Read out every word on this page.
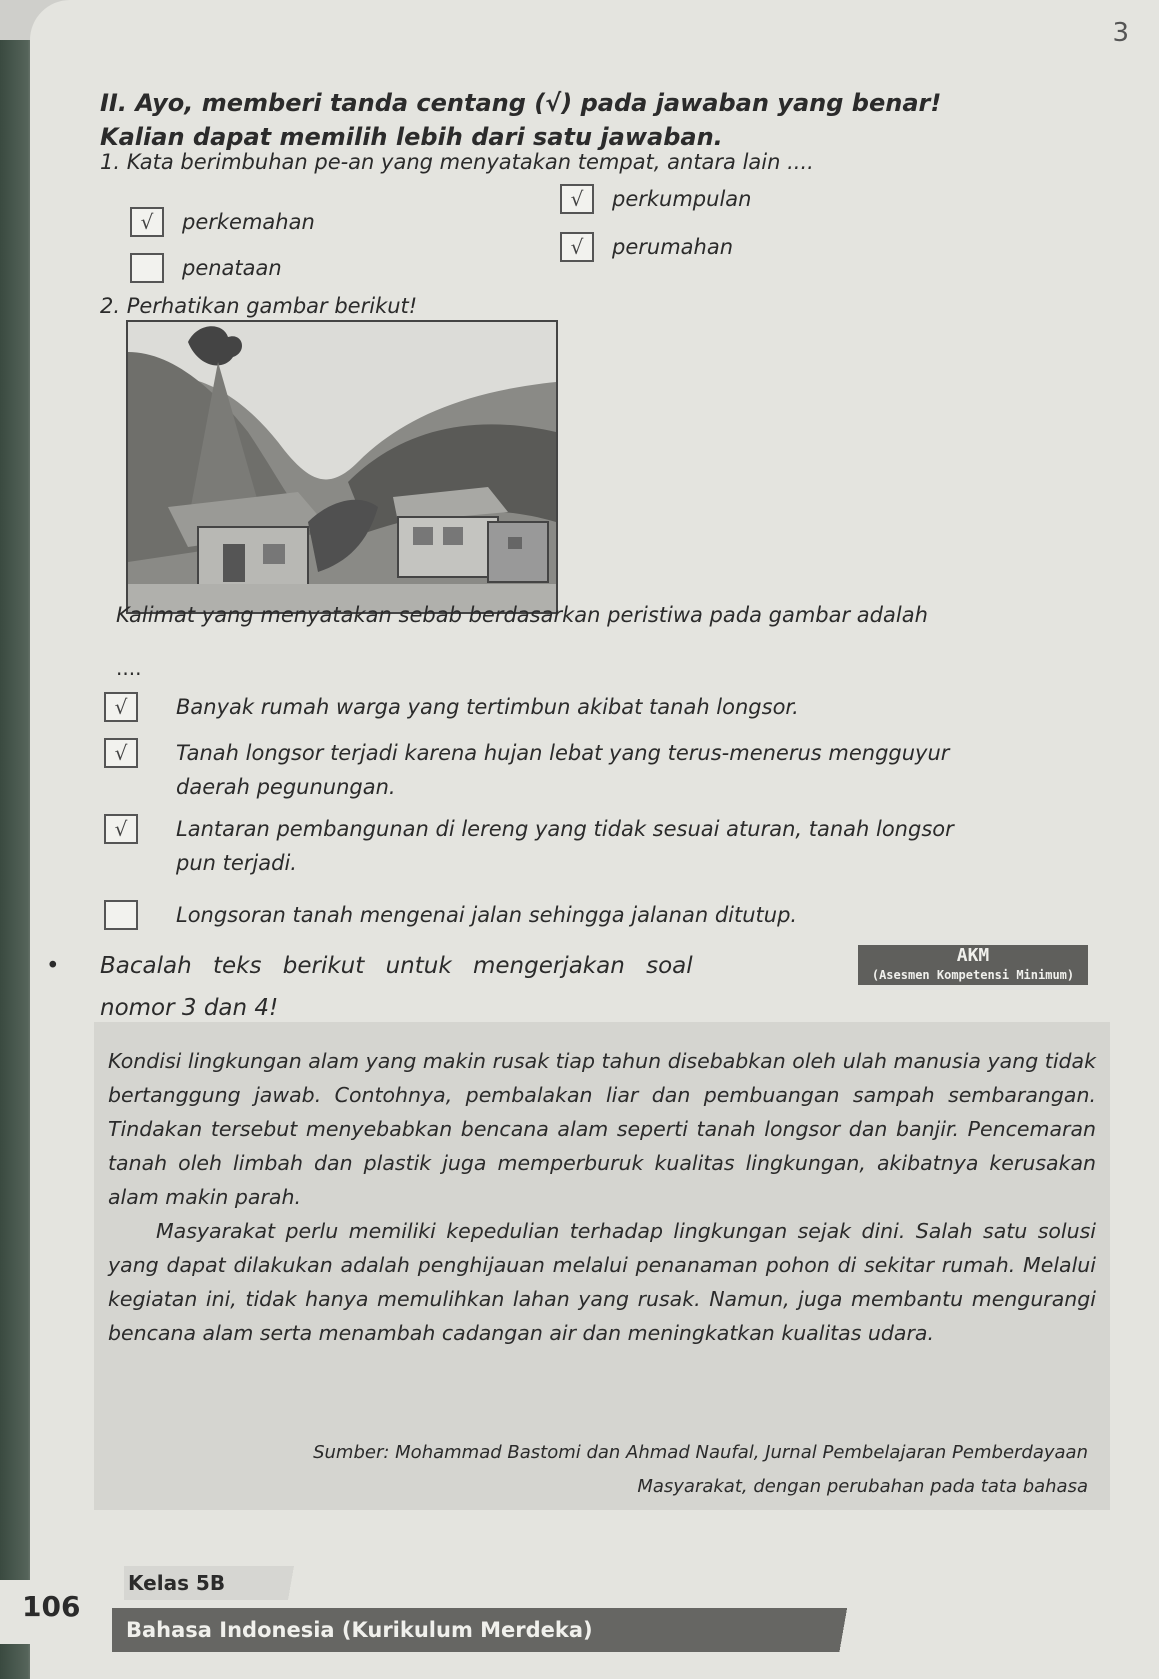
3
II. Ayo, memberi tanda centang (√) pada jawaban yang benar!
Kalian dapat memilih lebih dari satu jawaban.
1. Kata berimbuhan pe-an yang menyatakan tempat, antara lain ....
√	perkemahan
penataan
√	perkumpulan
√	perumahan
2. Perhatikan gambar berikut!
Kalimat yang menyatakan sebab berdasarkan peristiwa pada gambar adalah
....
√	Banyak rumah warga yang tertimbun akibat tanah longsor.
√	Tanah longsor terjadi karena hujan lebat yang terus-menerus mengguyur
daerah pegunungan.
√	Lantaran pembangunan di lereng yang tidak sesuai aturan, tanah longsor
pun terjadi.
Longsoran tanah mengenai jalan sehingga jalanan ditutup.
• Bacalah teks berikut untuk mengerjakan soal
nomor 3 dan 4!
AKM
(Asesmen Kompetensi Minimum)

Kondisi lingkungan alam yang makin rusak tiap tahun disebabkan oleh ulah manusia yang tidak bertanggung jawab. Contohnya, pembalakan liar dan pembuangan sampah sembarangan. Tindakan tersebut menyebabkan bencana alam seperti tanah longsor dan banjir. Pencemaran tanah oleh limbah dan plastik juga memperburuk kualitas lingkungan, akibatnya kerusakan alam makin parah.

Masyarakat perlu memiliki kepedulian terhadap lingkungan sejak dini. Salah satu solusi yang dapat dilakukan adalah penghijauan melalui penanaman pohon di sekitar rumah. Melalui kegiatan ini, tidak hanya memulihkan lahan yang rusak. Namun, juga membantu mengurangi bencana alam serta menambah cadangan air dan meningkatkan kualitas udara.

Sumber: Mohammad Bastomi dan Ahmad Naufal, Jurnal Pembelajaran Pemberdayaan
Masyarakat, dengan perubahan pada tata bahasa
106
Kelas 5B
Bahasa Indonesia (Kurikulum Merdeka)
